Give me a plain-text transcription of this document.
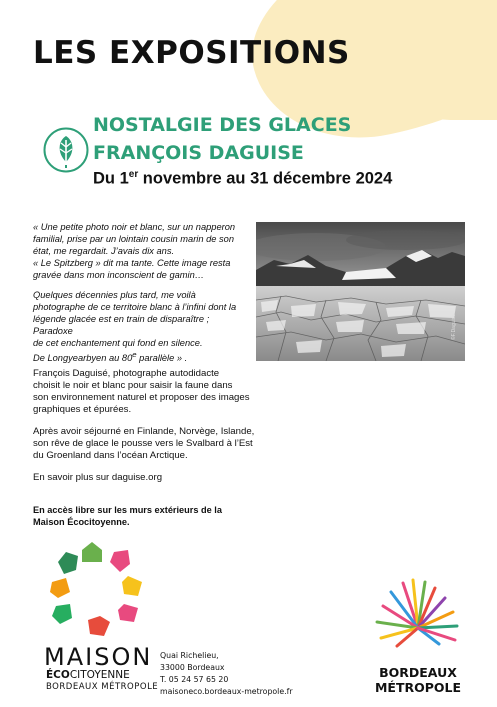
LES EXPOSITIONS
NOSTALGIE DES GLACES
FRANÇOIS DAGUISE
Du 1er novembre au 31 décembre 2024

« Une petite photo noir et blanc, sur un napperon
familial, prise par un lointain cousin marin de son
état, me regardait. J’avais dix ans.
« Le Spitzberg » dit ma tante. Cette image resta
gravée dans mon inconscient de gamin…

Quelques décennies plus tard, me voilà
photographe de ce territoire blanc à l’infini dont la
légende glacée est en train de disparaître ; Paradoxe
de cet enchantement qui fond en silence.
De Longyearbyen au 80e parallèle » .

©F.Daguise

François Daguisé, photographe autodidacte
choisit le noir et blanc pour saisir la faune dans
son environnement naturel et proposer des images
graphiques et épurées.

Après avoir séjourné en Finlande, Norvège, Islande,
son rêve de glace le pousse vers le Svalbard à l’Est
du Groenland dans l’océan Arctique.

En savoir plus sur daguise.org

En accès libre sur les murs extérieurs de la
Maison Écocitoyenne.
MAISON
ÉCOCITOYENNE
BORDEAUX MÉTROPOLE
Quai Richelieu,
33000 Bordeaux
T. 05 24 57 65 20
maisoneco.bordeaux-metropole.fr
BORDEAUX
MÉTROPOLE
